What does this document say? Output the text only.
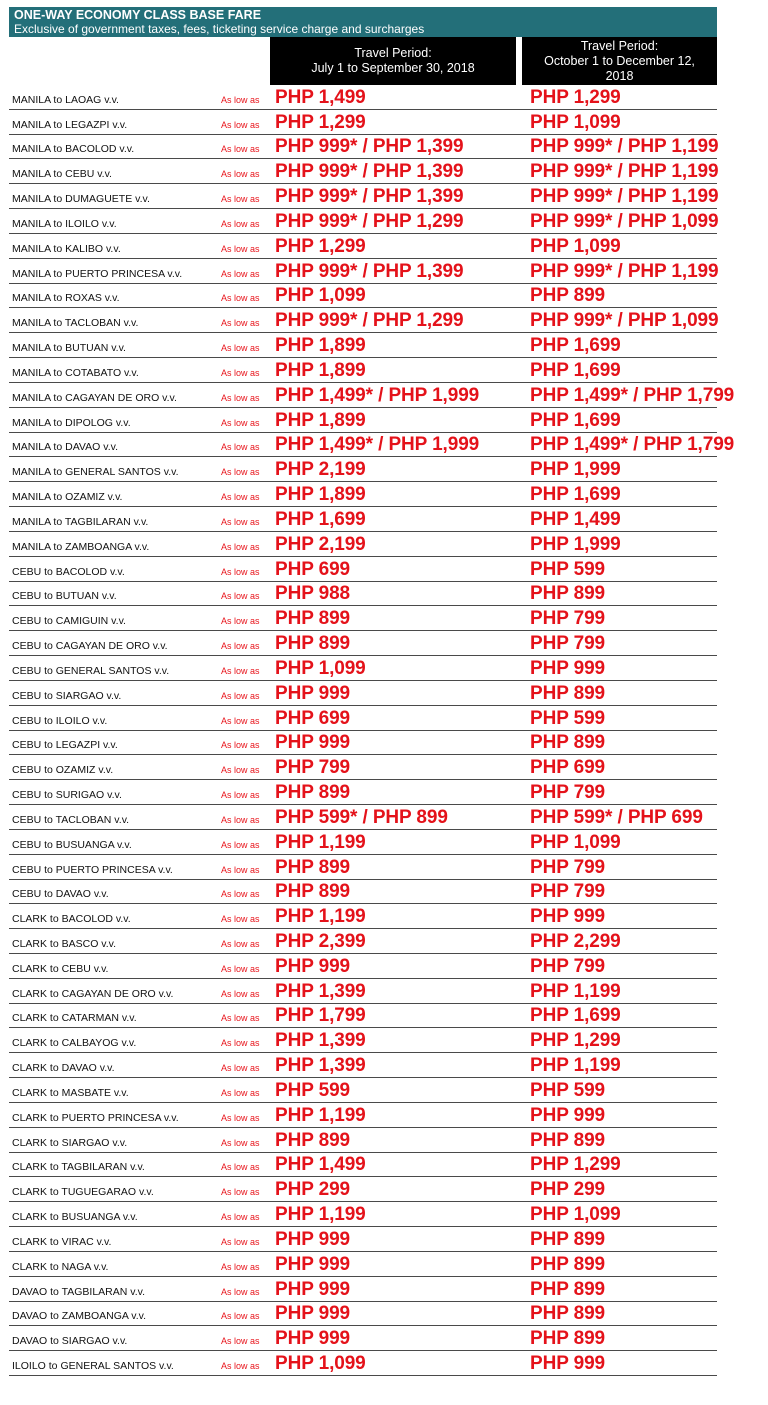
ONE-WAY ECONOMY CLASS BASE FARE
Exclusive of government taxes, fees, ticketing service charge and surcharges
Travel Period:
July 1 to September 30, 2018
Travel Period:
October 1 to December 12,
2018
MANILA to LAOAG v.v.	As low as PHP 1,499	PHP 1,299
MANILA to LEGAZPI v.v.	As low as PHP 1,299	PHP 1,099
MANILA to BACOLOD v.v.	As low as PHP 999* / PHP 1,399	PHP 999* / PHP 1,199
MANILA to CEBU v.v.	As low as PHP 999* / PHP 1,399	PHP 999* / PHP 1,199
MANILA to DUMAGUETE v.v.	As low as PHP 999* / PHP 1,399	PHP 999* / PHP 1,199
MANILA to ILOILO v.v.	As low as PHP 999* / PHP 1,299	PHP 999* / PHP 1,099
MANILA to KALIBO v.v.	As low as PHP 1,299	PHP 1,099
MANILA to PUERTO PRINCESA v.v.	As low as PHP 999* / PHP 1,399	PHP 999* / PHP 1,199
MANILA to ROXAS v.v.	As low as PHP 1,099	PHP 899
MANILA to TACLOBAN v.v.	As low as PHP 999* / PHP 1,299	PHP 999* / PHP 1,099
MANILA to BUTUAN v.v.	As low as PHP 1,899	PHP 1,699
MANILA to COTABATO v.v.	As low as PHP 1,899	PHP 1,699
MANILA to CAGAYAN DE ORO v.v.	As low as PHP 1,499* / PHP 1,999	PHP 1,499* / PHP 1,799
MANILA to DIPOLOG v.v.	As low as PHP 1,899	PHP 1,699
MANILA to DAVAO v.v.	As low as PHP 1,499* / PHP 1,999	PHP 1,499* / PHP 1,799
MANILA to GENERAL SANTOS v.v.	As low as PHP 2,199	PHP 1,999
MANILA to OZAMIZ v.v.	As low as PHP 1,899	PHP 1,699
MANILA to TAGBILARAN v.v.	As low as PHP 1,699	PHP 1,499
MANILA to ZAMBOANGA v.v.	As low as PHP 2,199	PHP 1,999
CEBU to BACOLOD v.v.	As low as PHP 699	PHP 599
CEBU to BUTUAN v.v.	As low as PHP 988	PHP 899
CEBU to CAMIGUIN v.v.	As low as PHP 899	PHP 799
CEBU to CAGAYAN DE ORO v.v.	As low as PHP 899	PHP 799
CEBU to GENERAL SANTOS v.v.	As low as PHP 1,099	PHP 999
CEBU to SIARGAO v.v.	As low as PHP 999	PHP 899
CEBU to ILOILO v.v.	As low as PHP 699	PHP 599
CEBU to LEGAZPI v.v.	As low as PHP 999	PHP 899
CEBU to OZAMIZ v.v.	As low as PHP 799	PHP 699
CEBU to SURIGAO v.v.	As low as PHP 899	PHP 799
CEBU to TACLOBAN v.v.	As low as PHP 599* / PHP 899	PHP 599* / PHP 699
CEBU to BUSUANGA v.v.	As low as PHP 1,199	PHP 1,099
CEBU to PUERTO PRINCESA v.v.	As low as PHP 899	PHP 799
CEBU to DAVAO v.v.	As low as PHP 899	PHP 799
CLARK to BACOLOD v.v.	As low as PHP 1,199	PHP 999
CLARK to BASCO v.v.	As low as PHP 2,399	PHP 2,299
CLARK to CEBU v.v.	As low as PHP 999	PHP 799
CLARK to CAGAYAN DE ORO v.v.	As low as PHP 1,399	PHP 1,199
CLARK to CATARMAN v.v.	As low as PHP 1,799	PHP 1,699
CLARK to CALBAYOG v.v.	As low as PHP 1,399	PHP 1,299
CLARK to DAVAO v.v.	As low as PHP 1,399	PHP 1,199
CLARK to MASBATE v.v.	As low as PHP 599	PHP 599
CLARK to PUERTO PRINCESA v.v.	As low as PHP 1,199	PHP 999
CLARK to SIARGAO v.v.	As low as PHP 899	PHP 899
CLARK to TAGBILARAN v.v.	As low as PHP 1,499	PHP 1,299
CLARK to TUGUEGARAO v.v.	As low as PHP 299	PHP 299
CLARK to BUSUANGA v.v.	As low as PHP 1,199	PHP 1,099
CLARK to VIRAC v.v.	As low as PHP 999	PHP 899
CLARK to NAGA v.v.	As low as PHP 999	PHP 899
DAVAO to TAGBILARAN v.v.	As low as PHP 999	PHP 899
DAVAO to ZAMBOANGA v.v.	As low as PHP 999	PHP 899
DAVAO to SIARGAO v.v.	As low as PHP 999	PHP 899
ILOILO to GENERAL SANTOS v.v.	As low as PHP 1,099	PHP 999
